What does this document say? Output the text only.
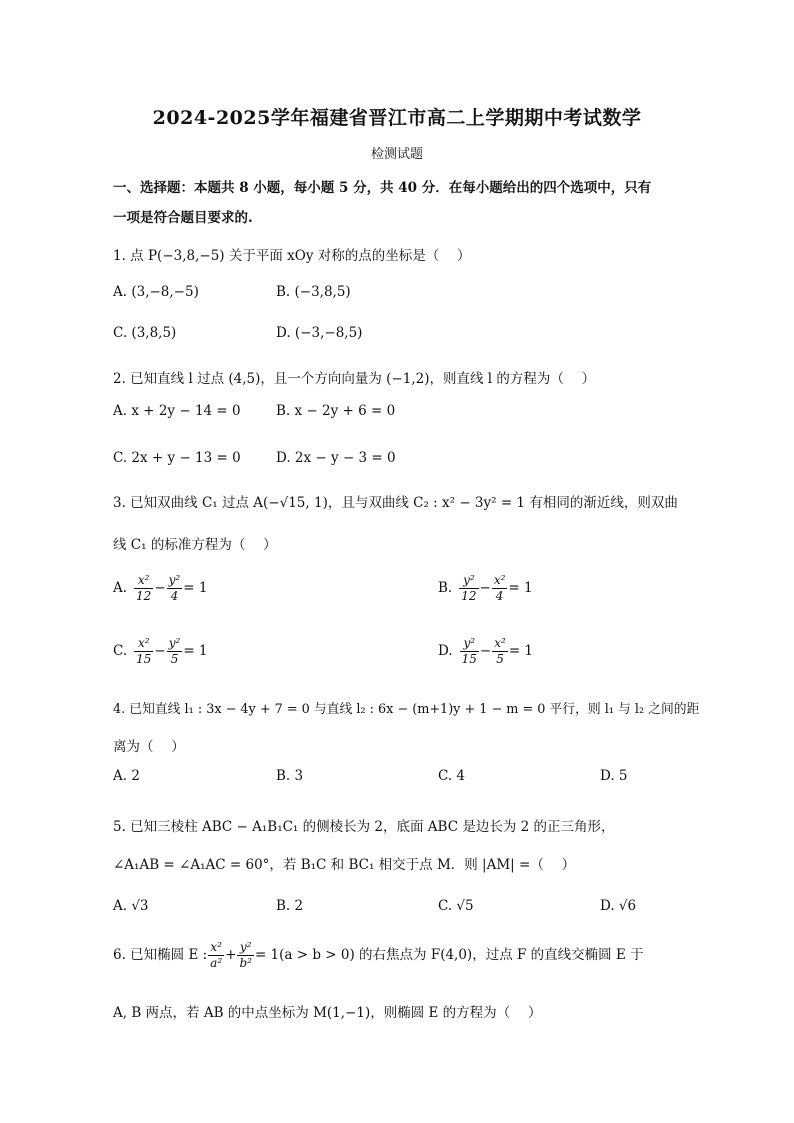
2024-2025学年福建省晋江市高二上学期期中考试数学
检测试题
一、选择题：本题共 8 小题，每小题 5 分，共 40 分．在每小题给出的四个选项中，只有
一项是符合题目要求的.
1. 点 P(−3,8,−5) 关于平面 xOy 对称的点的坐标是（　 ）
A. (3,−8,−5)	B. (−3,8,5)
C. (3,8,5)	D. (−3,−8,5)
2. 已知直线 l 过点 (4,5)，且一个方向向量为 (−1,2)，则直线 l 的方程为（　 ）
A. x + 2y − 14 = 0	B. x − 2y + 6 = 0
C. 2x + y − 13 = 0	D. 2x − y − 3 = 0
3. 已知双曲线 C₁ 过点 A(−√15, 1)，且与双曲线 C₂ : x² − 3y² = 1 有相同的渐近线，则双曲
线 C₁ 的标准方程为（　 ）
A. $\frac{\text{x²}}{12} - \frac{\text{y²}}{4} = 1$	B. $\frac{\text{y²}}{12} - \frac{\text{x²}}{4} = 1$
C. $\frac{\text{x²}}{15} - \frac{\text{y²}}{5} = 1$	D. $\frac{\text{y²}}{15} - \frac{\text{x²}}{5} = 1$
4. 已知直线 l₁ : 3x − 4y + 7 = 0 与直线 l₂ : 6x − (m+1)y + 1 − m = 0 平行，则 l₁ 与 l₂ 之间的距
离为（　 ）
A. 2	B. 3	C. 4	D. 5
5. 已知三棱柱 ABC − A₁B₁C₁ 的侧棱长为 2，底面 ABC 是边长为 2 的正三角形，
∠A₁AB = ∠A₁AC = 60°，若 B₁C 和 BC₁ 相交于点 M．则 |AM| =（　 ）
A. √3	B. 2	C. √5	D. √6
6. 已知椭圆 E : $\frac{\text{x²}}{\text{a²}} + \frac{\text{y²}}{\text{b²}} = 1(a > b > 0)$ 的右焦点为 F(4,0)，过点 F 的直线交椭圆 E 于
A, B 两点，若 AB 的中点坐标为 M(1,−1)，则椭圆 E 的方程为（　 ）
